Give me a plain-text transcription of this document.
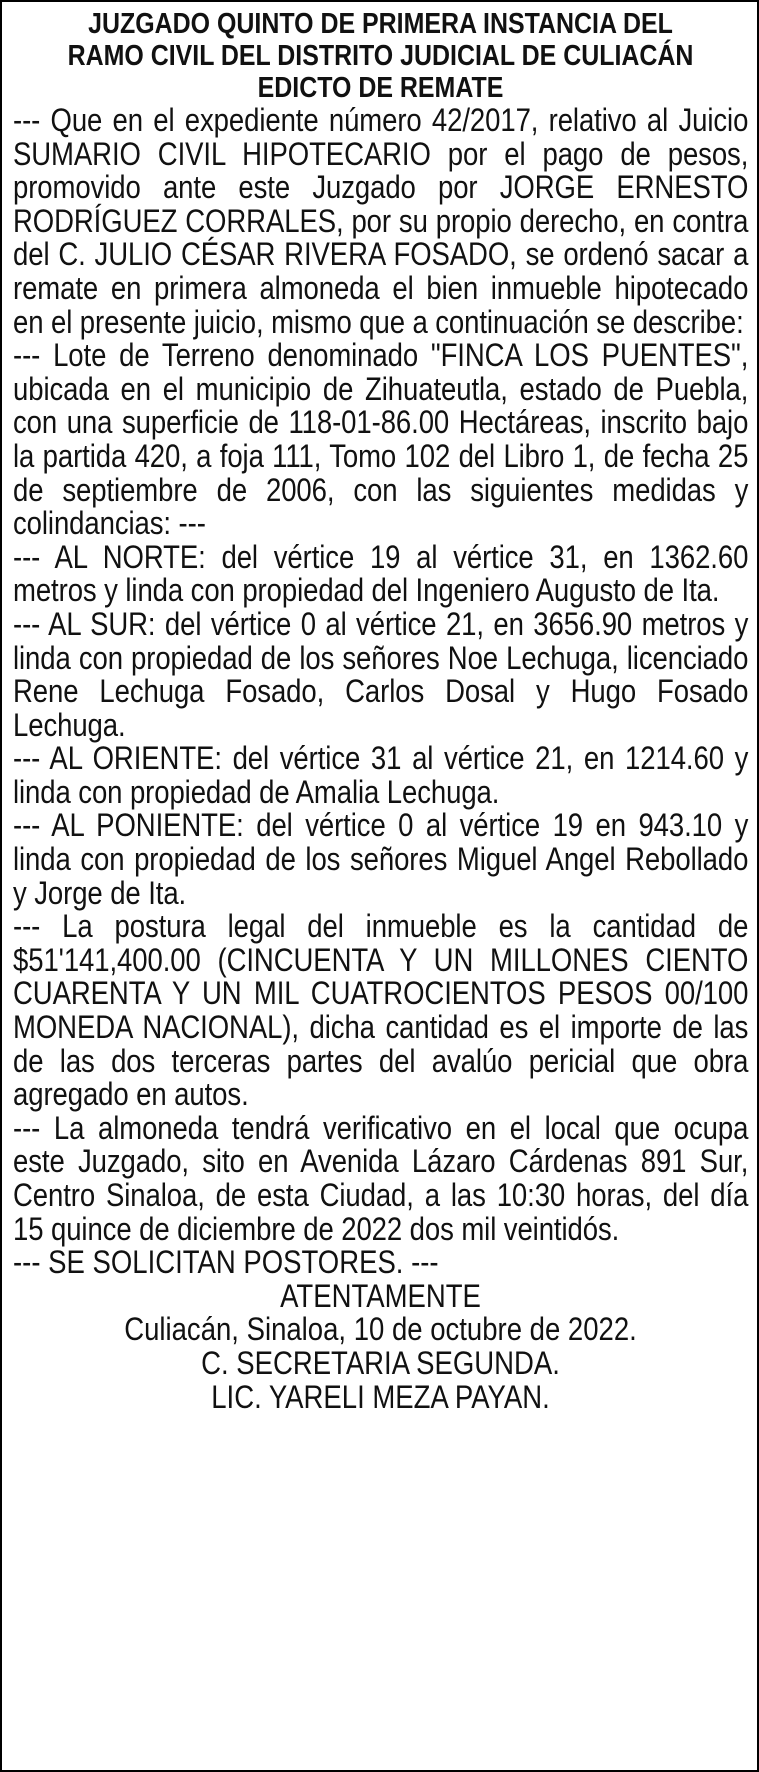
JUZGADO QUINTO DE PRIMERA INSTANCIA DEL
RAMO CIVIL DEL DISTRITO JUDICIAL DE CULIACÁN
EDICTO DE REMATE

--- Que en el expediente número 42/2017, relativo al Juicio SUMARIO CIVIL HIPOTECARIO por el pago de pesos, promovido ante este Juzgado por JORGE ERNESTO RODRÍGUEZ CORRALES, por su propio derecho, en contra del C. JULIO CÉSAR RIVERA FOSADO, se ordenó sacar a remate en primera almoneda el bien inmueble hipotecado en el presente juicio, mismo que a continuación se describe:

--- Lote de Terreno denominado "FINCA LOS PUENTES", ubicada en el municipio de Zihuateutla, estado de Puebla, con una superficie de 118-01-86.00 Hectáreas, inscrito bajo la partida 420, a foja 111, Tomo 102 del Libro 1, de fecha 25 de septiembre de 2006, con las siguientes medidas y colindancias: ---

--- AL NORTE: del vértice 19 al vértice 31, en 1362.60 metros y linda con propiedad del Ingeniero Augusto de Ita.

--- AL SUR: del vértice 0 al vértice 21, en 3656.90 metros y linda con propiedad de los señores Noe Lechuga, licenciado Rene Lechuga Fosado, Carlos Dosal y Hugo Fosado Lechuga.

--- AL ORIENTE: del vértice 31 al vértice 21, en 1214.60 y linda con propiedad de Amalia Lechuga.

--- AL PONIENTE: del vértice 0 al vértice 19 en 943.10 y linda con propiedad de los señores Miguel Angel Rebollado y Jorge de Ita.

--- La postura legal del inmueble es la cantidad de $51'141,400.00 (CINCUENTA Y UN MILLONES CIENTO CUARENTA Y UN MIL CUATROCIENTOS PESOS 00/100 MONEDA NACIONAL), dicha cantidad es el importe de las de las dos terceras partes del avalúo pericial que obra agregado en autos.

--- La almoneda tendrá verificativo en el local que ocupa este Juzgado, sito en Avenida Lázaro Cárdenas 891 Sur, Centro Sinaloa, de esta Ciudad, a las 10:30 horas, del día 15 quince de diciembre de 2022 dos mil veintidós.

--- SE SOLICITAN POSTORES. ---
ATENTAMENTE
Culiacán, Sinaloa, 10 de octubre de 2022.
C. SECRETARIA SEGUNDA.
LIC. YARELI MEZA PAYAN.
